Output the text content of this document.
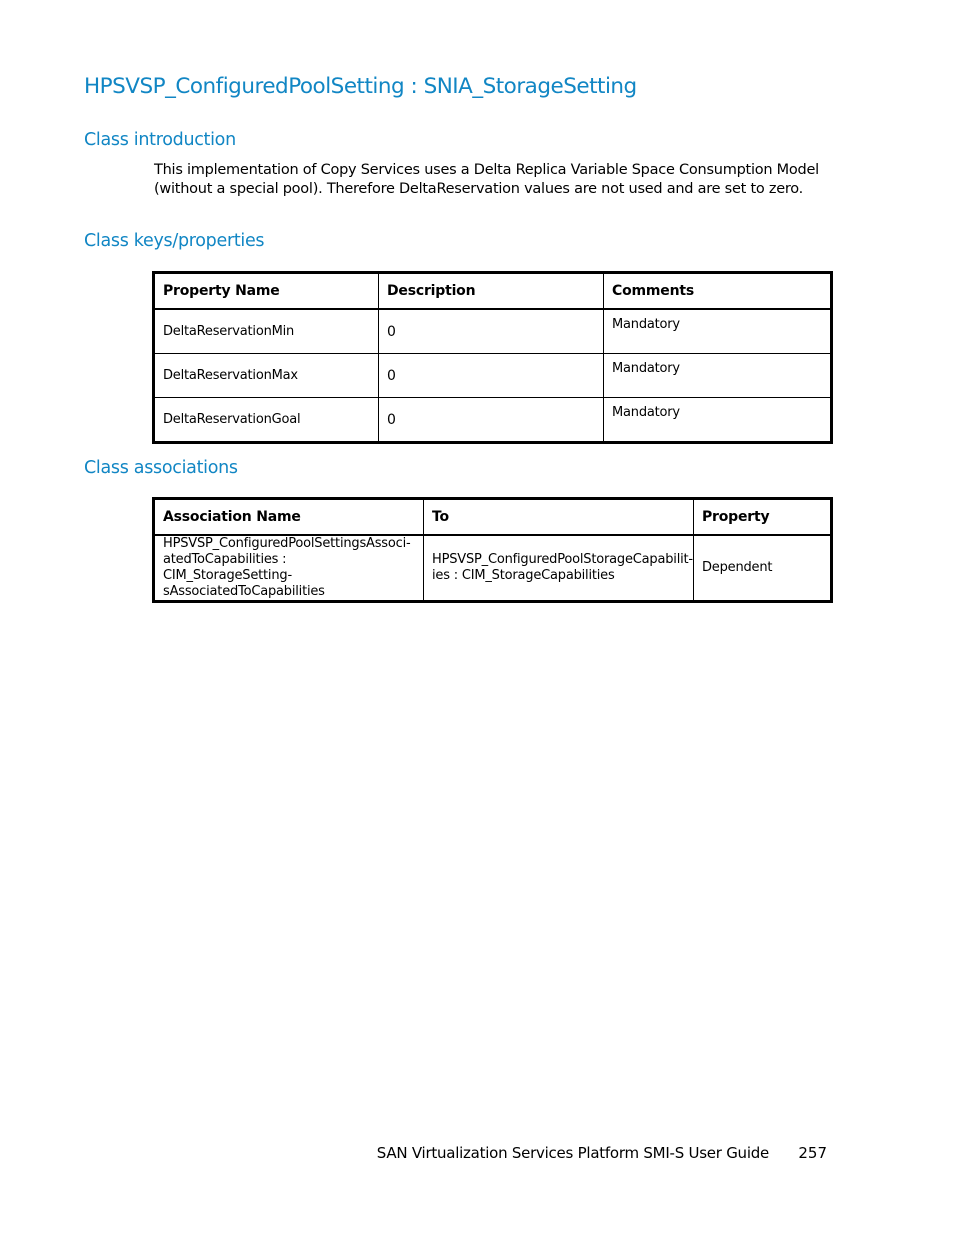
HPSVSP_ConfiguredPoolSetting : SNIA_StorageSetting
Class introduction

This implementation of Copy Services uses a Delta Replica Variable Space Consumption Model (without a special pool). Therefore DeltaReservation values are not used and are set to zero.

Class keys/properties
Property Name	Description	Comments
DeltaReservationMin	0	Mandatory
DeltaReservationMax	0	Mandatory
DeltaReservationGoal	0	Mandatory
Class associations
Association Name	To	Property
HPSVSP_ConfiguredPoolSettingsAssoci-atedToCapabilities : CIM_StorageSetting-sAssociatedToCapabilities	HPSVSP_ConfiguredPoolStorageCapabilit-ies : CIM_StorageCapabilities	Dependent
SAN Virtualization Services Platform SMI-S User Guide 257
